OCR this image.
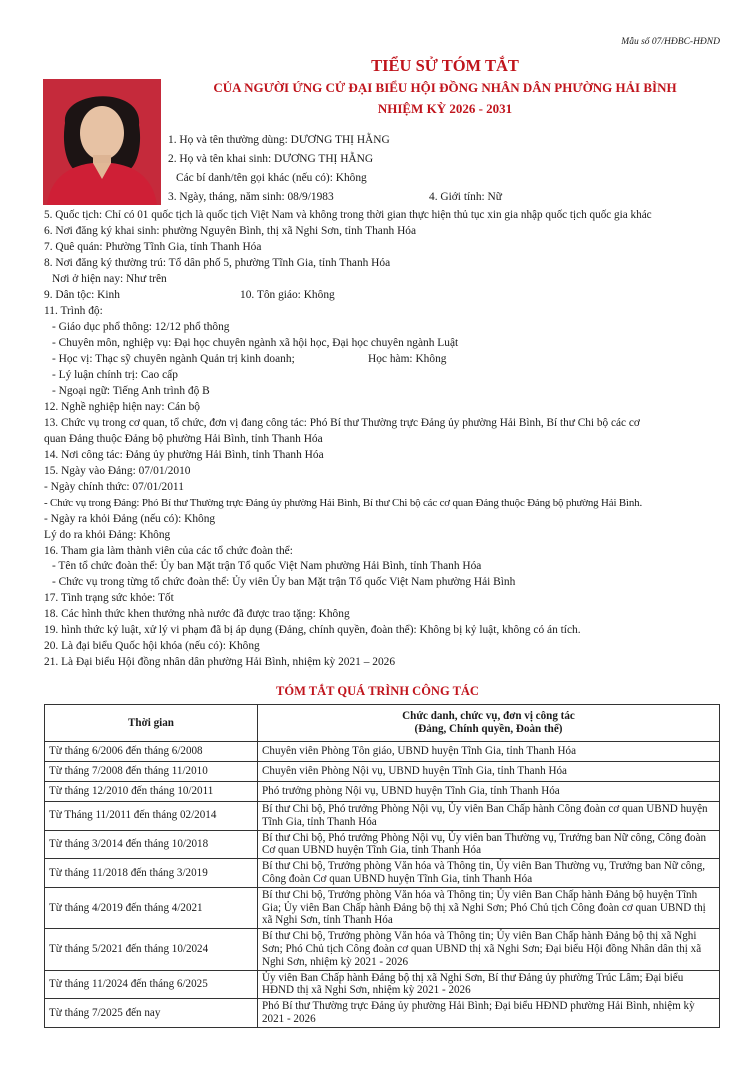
Mẫu số 07/HĐBC-HĐND
TIỂU SỬ TÓM TẮT
CỦA NGƯỜI ỨNG CỬ ĐẠI BIỂU HỘI ĐỒNG NHÂN DÂN PHƯỜNG HẢI BÌNH
NHIỆM KỲ 2026 - 2031
1. Họ và tên thường dùng: DƯƠNG THỊ HẰNG
2. Họ và tên khai sinh: DƯƠNG THỊ HẰNG
Các bí danh/tên gọi khác (nếu có): Không
3. Ngày, tháng, năm sinh: 08/9/1983	4. Giới tính: Nữ
5. Quốc tịch: Chỉ có 01 quốc tịch là quốc tịch Việt Nam và không trong thời gian thực hiện thủ tục xin gia nhập quốc tịch quốc gia khác
6. Nơi đăng ký khai sinh: phường Nguyên Bình, thị xã Nghi Sơn, tỉnh Thanh Hóa
7. Quê quán: Phường Tĩnh Gia, tỉnh Thanh Hóa
8. Nơi đăng ký thường trú: Tổ dân phố 5, phường Tĩnh Gia, tỉnh Thanh Hóa
Nơi ở hiện nay: Như trên
9. Dân tộc: Kinh	10. Tôn giáo: Không
11. Trình độ:
- Giáo dục phổ thông: 12/12 phổ thông
- Chuyên môn, nghiệp vụ: Đại học chuyên ngành xã hội học, Đại học chuyên ngành Luật
- Học vị: Thạc sỹ chuyên ngành Quản trị kinh doanh;	Học hàm: Không
- Lý luận chính trị: Cao cấp
- Ngoại ngữ: Tiếng Anh trình độ B
12. Nghề nghiệp hiện nay: Cán bộ
13. Chức vụ trong cơ quan, tổ chức, đơn vị đang công tác: Phó Bí thư Thường trực Đảng ủy phường Hải Bình, Bí thư Chi bộ các cơ
quan Đảng thuộc Đảng bộ phường Hải Bình, tỉnh Thanh Hóa
14. Nơi công tác: Đảng ủy phường Hải Bình, tỉnh Thanh Hóa
15. Ngày vào Đảng: 07/01/2010
- Ngày chính thức: 07/01/2011
- Chức vụ trong Đảng: Phó Bí thư Thường trực Đảng ủy phường Hải Bình, Bí thư Chi bộ các cơ quan Đảng thuộc Đảng bộ phường Hải Bình.
- Ngày ra khỏi Đảng (nếu có): Không
Lý do ra khỏi Đảng: Không
16. Tham gia làm thành viên của các tổ chức đoàn thể:
- Tên tổ chức đoàn thể: Ủy ban Mặt trận Tổ quốc Việt Nam phường Hải Bình, tỉnh Thanh Hóa
- Chức vụ trong từng tổ chức đoàn thể: Ủy viên Ủy ban Mặt trận Tổ quốc Việt Nam phường Hải Bình
17. Tình trạng sức khỏe: Tốt
18. Các hình thức khen thưởng nhà nước đã được trao tặng: Không
19. hình thức kỷ luật, xử lý vi phạm đã bị áp dụng (Đảng, chính quyền, đoàn thể): Không bị kỷ luật, không có án tích.
20. Là đại biểu Quốc hội khóa (nếu có): Không
21. Là Đại biểu Hội đồng nhân dân phường Hải Bình, nhiệm kỳ 2021 – 2026
TÓM TẮT QUÁ TRÌNH CÔNG TÁC
Thời gian	Chức danh, chức vụ, đơn vị công tác
(Đảng, Chính quyền, Đoàn thể)

Từ tháng 6/2006 đến tháng 6/2008	Chuyên viên Phòng Tôn giáo, UBND huyện Tĩnh Gia, tỉnh Thanh Hóa
Từ tháng 7/2008 đến tháng 11/2010	Chuyên viên Phòng Nội vụ, UBND huyện Tĩnh Gia, tỉnh Thanh Hóa
Từ tháng 12/2010 đến tháng 10/2011	Phó trưởng phòng Nội vụ, UBND huyện Tĩnh Gia, tỉnh Thanh Hóa
Từ Tháng 11/2011 đến tháng 02/2014	Bí thư Chi bộ, Phó trưởng Phòng Nội vụ, Ủy viên Ban Chấp hành Công đoàn cơ quan UBND huyện Tĩnh Gia, tỉnh Thanh Hóa
Từ tháng 3/2014 đến tháng 10/2018	Bí thư Chi bộ, Phó trưởng Phòng Nội vụ, Ủy viên ban Thường vụ, Trưởng ban Nữ công, Công đoàn Cơ quan UBND huyện Tĩnh Gia, tỉnh Thanh Hóa
Từ tháng 11/2018 đến tháng 3/2019	Bí thư Chi bộ, Trưởng phòng Văn hóa và Thông tin, Ủy viên Ban Thường vụ, Trưởng ban Nữ công, Công đoàn Cơ quan UBND huyện Tĩnh Gia, tỉnh Thanh Hóa
Từ tháng 4/2019 đến tháng 4/2021	Bí thư Chi bộ, Trưởng phòng Văn hóa và Thông tin; Ủy viên Ban Chấp hành Đảng bộ huyện Tĩnh Gia; Ủy viên Ban Chấp hành Đảng bộ thị xã Nghi Sơn; Phó Chủ tịch Công đoàn cơ quan UBND thị xã Nghi Sơn, tỉnh Thanh Hóa
Từ tháng 5/2021 đến tháng 10/2024	Bí thư Chi bộ, Trưởng phòng Văn hóa và Thông tin; Ủy viên Ban Chấp hành Đảng bộ thị xã Nghi Sơn; Phó Chủ tịch Công đoàn cơ quan UBND thị xã Nghi Sơn; Đại biểu Hội đồng Nhân dân thị xã Nghi Sơn, nhiệm kỳ 2021 - 2026
Từ tháng 11/2024 đến tháng 6/2025	Ủy viên Ban Chấp hành Đảng bộ thị xã Nghi Sơn, Bí thư Đảng ủy phường Trúc Lâm; Đại biểu HĐND thị xã Nghi Sơn, nhiệm kỳ 2021 - 2026
Từ tháng 7/2025 đến nay	Phó Bí thư Thường trực Đảng ủy phường Hải Bình; Đại biểu HĐND phường Hải Bình, nhiệm kỳ 2021 - 2026
